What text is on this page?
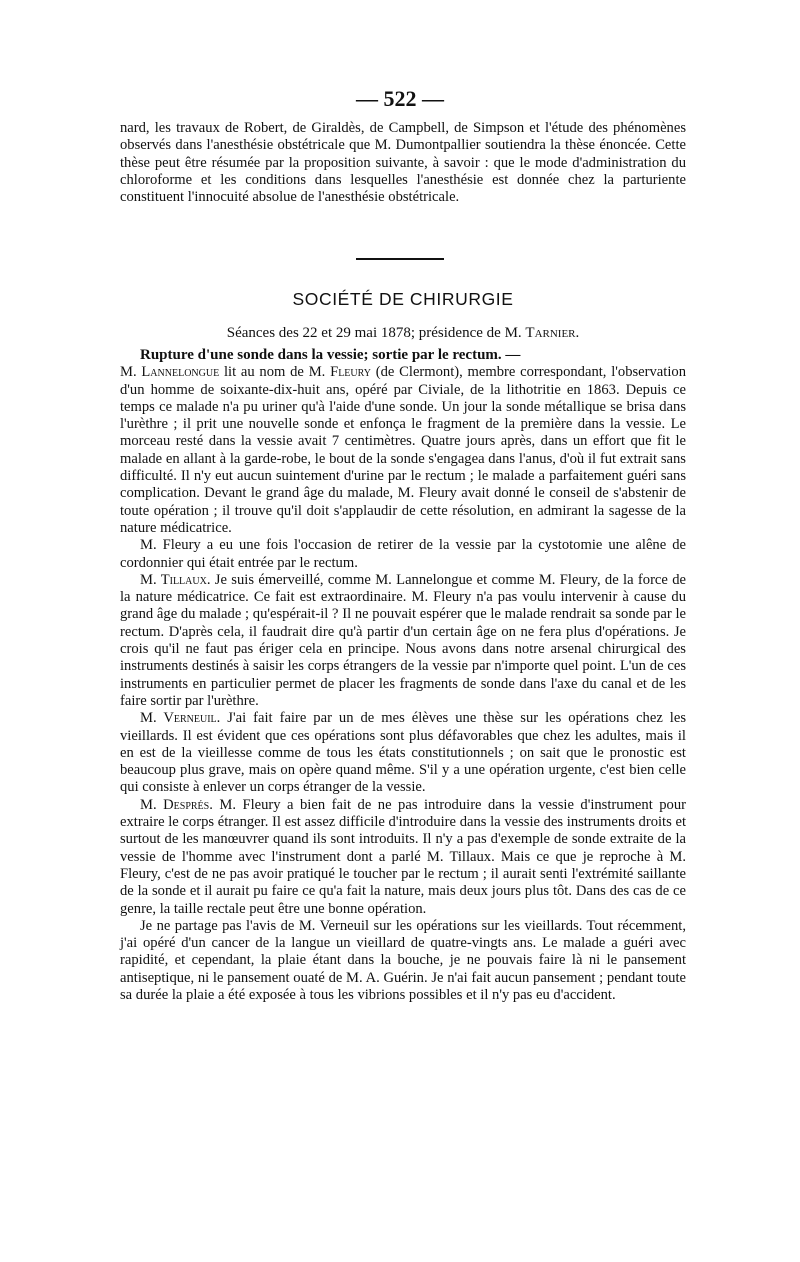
— 522 —

nard, les travaux de Robert, de Giraldès, de Campbell, de Simpson et l'étude des phénomènes observés dans l'anesthésie obstétricale que M. Dumontpallier soutiendra la thèse énoncée. Cette thèse peut être résumée par la proposition suivante, à savoir : que le mode d'administration du chloroforme et les conditions dans lesquelles l'anesthésie est donnée chez la parturiente constituent l'innocuité absolue de l'anesthésie obstétricale.

SOCIÉTÉ DE CHIRURGIE
Séances des 22 et 29 mai 1878; présidence de M. Tarnier.

Rupture d'une sonde dans la vessie; sortie par le rectum. —
M. Lannelongue lit au nom de M. Fleury (de Clermont), membre correspondant, l'observation d'un homme de soixante-dix-huit ans, opéré par Civiale, de la lithotritie en 1863. Depuis ce temps ce malade n'a pu uriner qu'à l'aide d'une sonde. Un jour la sonde métallique se brisa dans l'urèthre ; il prit une nouvelle sonde et enfonça le fragment de la première dans la vessie. Le morceau resté dans la vessie avait 7 centimètres. Quatre jours après, dans un effort que fit le malade en allant à la garde-robe, le bout de la sonde s'engagea dans l'anus, d'où il fut extrait sans difficulté. Il n'y eut aucun suintement d'urine par le rectum ; le malade a parfaitement guéri sans complication. Devant le grand âge du malade, M. Fleury avait donné le conseil de s'abstenir de toute opération ; il trouve qu'il doit s'applaudir de cette résolution, en admirant la sagesse de la nature médicatrice.

M. Fleury a eu une fois l'occasion de retirer de la vessie par la cystotomie une alêne de cordonnier qui était entrée par le rectum.

M. Tillaux. Je suis émerveillé, comme M. Lannelongue et comme M. Fleury, de la force de la nature médicatrice. Ce fait est extraordinaire. M. Fleury n'a pas voulu intervenir à cause du grand âge du malade ; qu'espérait-il ? Il ne pouvait espérer que le malade rendrait sa sonde par le rectum. D'après cela, il faudrait dire qu'à partir d'un certain âge on ne fera plus d'opérations. Je crois qu'il ne faut pas ériger cela en principe. Nous avons dans notre arsenal chirurgical des instruments destinés à saisir les corps étrangers de la vessie par n'importe quel point. L'un de ces instruments en particulier permet de placer les fragments de sonde dans l'axe du canal et de les faire sortir par l'urèthre.

M. Verneuil. J'ai fait faire par un de mes élèves une thèse sur les opérations chez les vieillards. Il est évident que ces opérations sont plus défavorables que chez les adultes, mais il en est de la vieillesse comme de tous les états constitutionnels ; on sait que le pronostic est beaucoup plus grave, mais on opère quand même. S'il y a une opération urgente, c'est bien celle qui consiste à enlever un corps étranger de la vessie.

M. Després. M. Fleury a bien fait de ne pas introduire dans la vessie d'instrument pour extraire le corps étranger. Il est assez difficile d'introduire dans la vessie des instruments droits et surtout de les manœuvrer quand ils sont introduits. Il n'y a pas d'exemple de sonde extraite de la vessie de l'homme avec l'instrument dont a parlé M. Tillaux. Mais ce que je reproche à M. Fleury, c'est de ne pas avoir pratiqué le toucher par le rectum ; il aurait senti l'extrémité saillante de la sonde et il aurait pu faire ce qu'a fait la nature, mais deux jours plus tôt. Dans des cas de ce genre, la taille rectale peut être une bonne opération.

Je ne partage pas l'avis de M. Verneuil sur les opérations sur les vieillards. Tout récemment, j'ai opéré d'un cancer de la langue un vieillard de quatre-vingts ans. Le malade a guéri avec rapidité, et cependant, la plaie étant dans la bouche, je ne pouvais faire là ni le pansement antiseptique, ni le pansement ouaté de M. A. Guérin. Je n'ai fait aucun pansement ; pendant toute sa durée la plaie a été exposée à tous les vibrions possibles et il n'y pas eu d'accident.
